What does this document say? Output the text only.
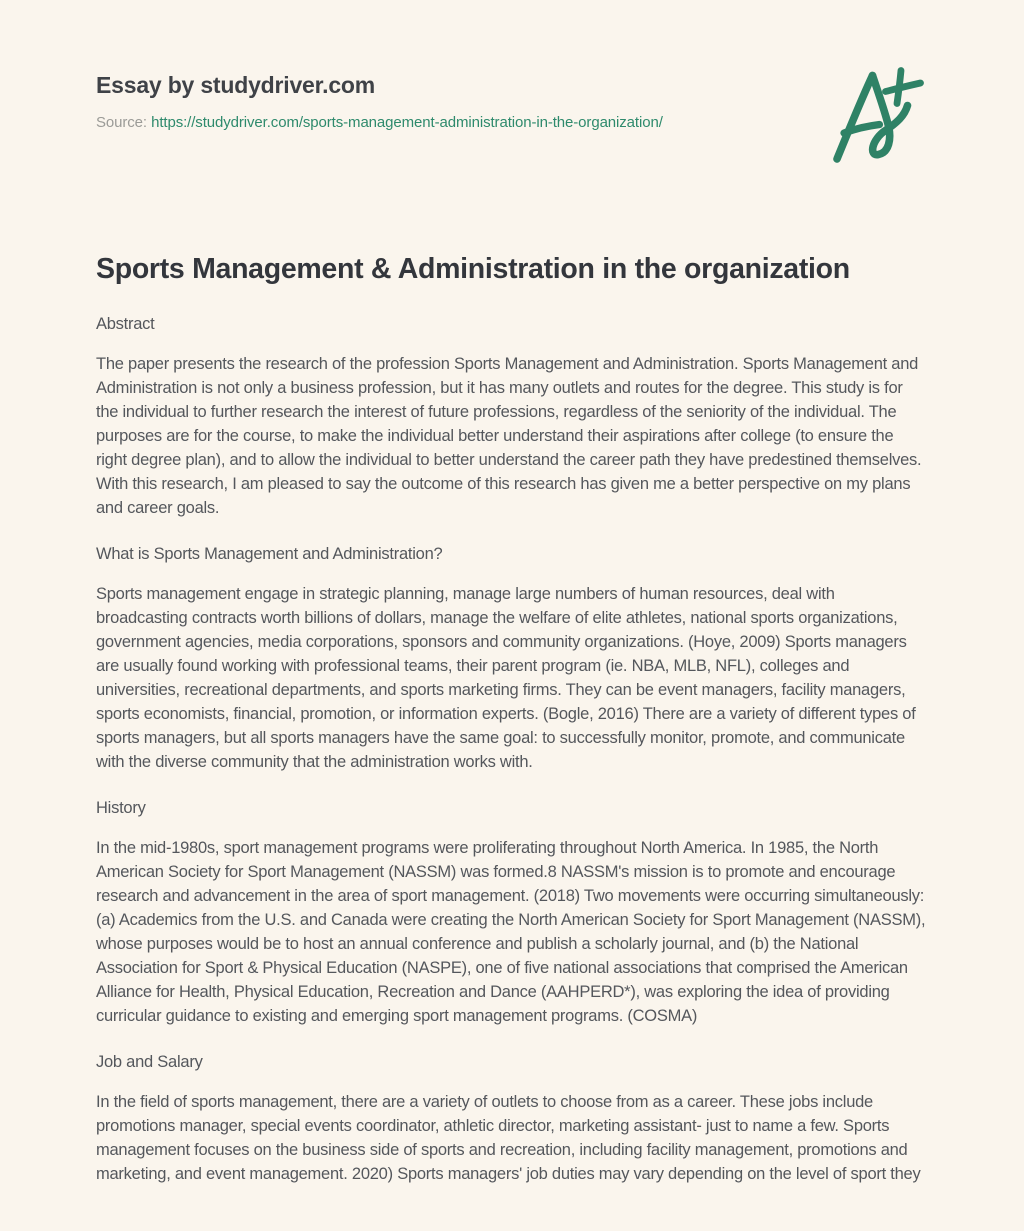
Essay by studydriver.com
Source: https://studydriver.com/sports-management-administration-in-the-organization/
Sports Management & Administration in the organization
Abstract

The paper presents the research of the profession Sports Management and Administration. Sports Management and Administration is not only a business profession, but it has many outlets and routes for the degree. This study is for the individual to further research the interest of future professions, regardless of the seniority of the individual. The purposes are for the course, to make the individual better understand their aspirations after college (to ensure the right degree plan), and to allow the individual to better understand the career path they have predestined themselves. With this research, I am pleased to say the outcome of this research has given me a better perspective on my plans and career goals.

What is Sports Management and Administration?

Sports management engage in strategic planning, manage large numbers of human resources, deal with broadcasting contracts worth billions of dollars, manage the welfare of elite athletes, national sports organizations, government agencies, media corporations, sponsors and community organizations. (Hoye, 2009) Sports managers are usually found working with professional teams, their parent program (ie. NBA, MLB, NFL), colleges and universities, recreational departments, and sports marketing firms. They can be event managers, facility managers, sports economists, financial, promotion, or information experts. (Bogle, 2016) There are a variety of different types of sports managers, but all sports managers have the same goal: to successfully monitor, promote, and communicate with the diverse community that the administration works with.

History

In the mid-1980s, sport management programs were proliferating throughout North America. In 1985, the North American Society for Sport Management (NASSM) was formed.8 NASSM's mission is to promote and encourage research and advancement in the area of sport management. (2018) Two movements were occurring simultaneously: (a) Academics from the U.S. and Canada were creating the North American Society for Sport Management (NASSM), whose purposes would be to host an annual conference and publish a scholarly journal, and (b) the National Association for Sport & Physical Education (NASPE), one of five national associations that comprised the American Alliance for Health, Physical Education, Recreation and Dance (AAHPERD*), was exploring the idea of providing curricular guidance to existing and emerging sport management programs. (COSMA)

Job and Salary

In the field of sports management, there are a variety of outlets to choose from as a career. These jobs include promotions manager, special events coordinator, athletic director, marketing assistant- just to name a few. Sports management focuses on the business side of sports and recreation, including facility management, promotions and marketing, and event management. 2020) Sports managers' job duties may vary depending on the level of sport they
